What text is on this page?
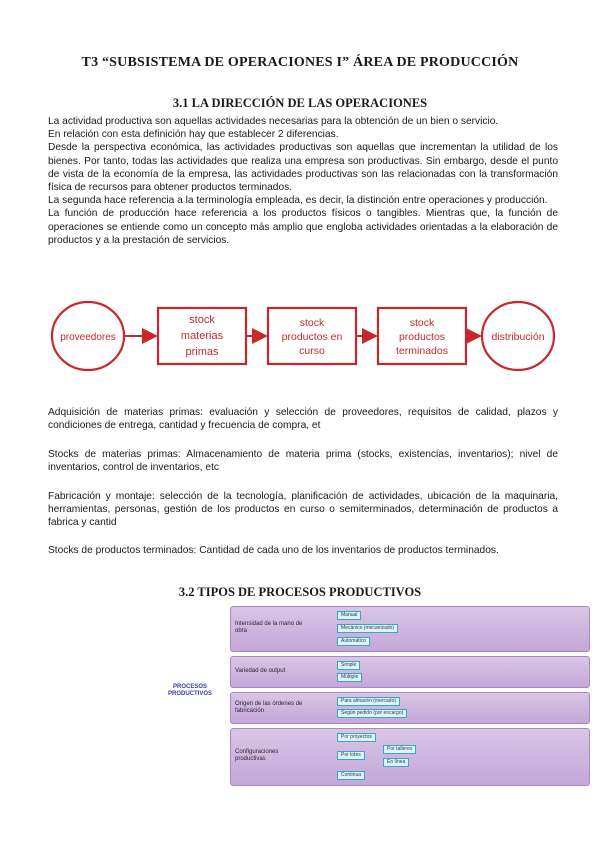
T3 “SUBSISTEMA DE OPERACIONES I” ÁREA DE PRODUCCIÓN
3.1 LA DIRECCIÓN DE LAS OPERACIONES
La actividad productiva son aquellas actividades necesarias para la obtención de un bien o servicio.
En relación con esta definición hay que establecer 2 diferencias.
Desde la perspectiva económica, las actividades productivas son aquellas que incrementan la utilidad de los bienes. Por tanto, todas las actividades que realiza una empresa son productivas. Sin embargo, desde el punto de vista de la economía de la empresa, las actividades productivas son las relacionadas con la transformación física de recursos para obtener productos terminados.
La segunda hace referencia a la terminología empleada, es decir, la distinción entre operaciones y producción.
La función de producción hace referencia a los productos físicos o tangibles. Mientras que, la función de operaciones se entiende como un concepto más amplio que engloba actividades orientadas a la elaboración de productos y a la prestación de servicios.
proveedores
stock
materias
primas
stock
productos en
curso
stock
productos
terminados
distribución
Adquisición de materias primas: evaluación y selección de proveedores, requisitos de calidad, plazos y condiciones de entrega, cantidad y frecuencia de compra, et
Stocks de materias primas: Almacenamiento de materia prima (stocks, existencias, inventarios); nivel de inventarios, control de inventarios, etc
Fabricación y montaje: selección de la tecnología, planificación de actividades, ubicación de la maquinaria, herramientas, personas, gestión de los productos en curso o semiterminados, determinación de productos a fabrica y cantid
Stocks de productos terminados: Cantidad de cada uno de los inventarios de productos terminados.
3.2 TIPOS DE PROCESOS PRODUCTIVOS
PROCESOS PRODUCTIVOS
Intensidad de la mano de obra
Manual
Mecánico (mecanizado)
Automático
Variedad de output
Simple
Múltiple
Origen de las órdenes de fabricación
Para almacén (mercado)
Según pedido (por encargo)
Configuraciones productivas
Por proyectos
Por lotes
Por talleres
En línea
Continua
